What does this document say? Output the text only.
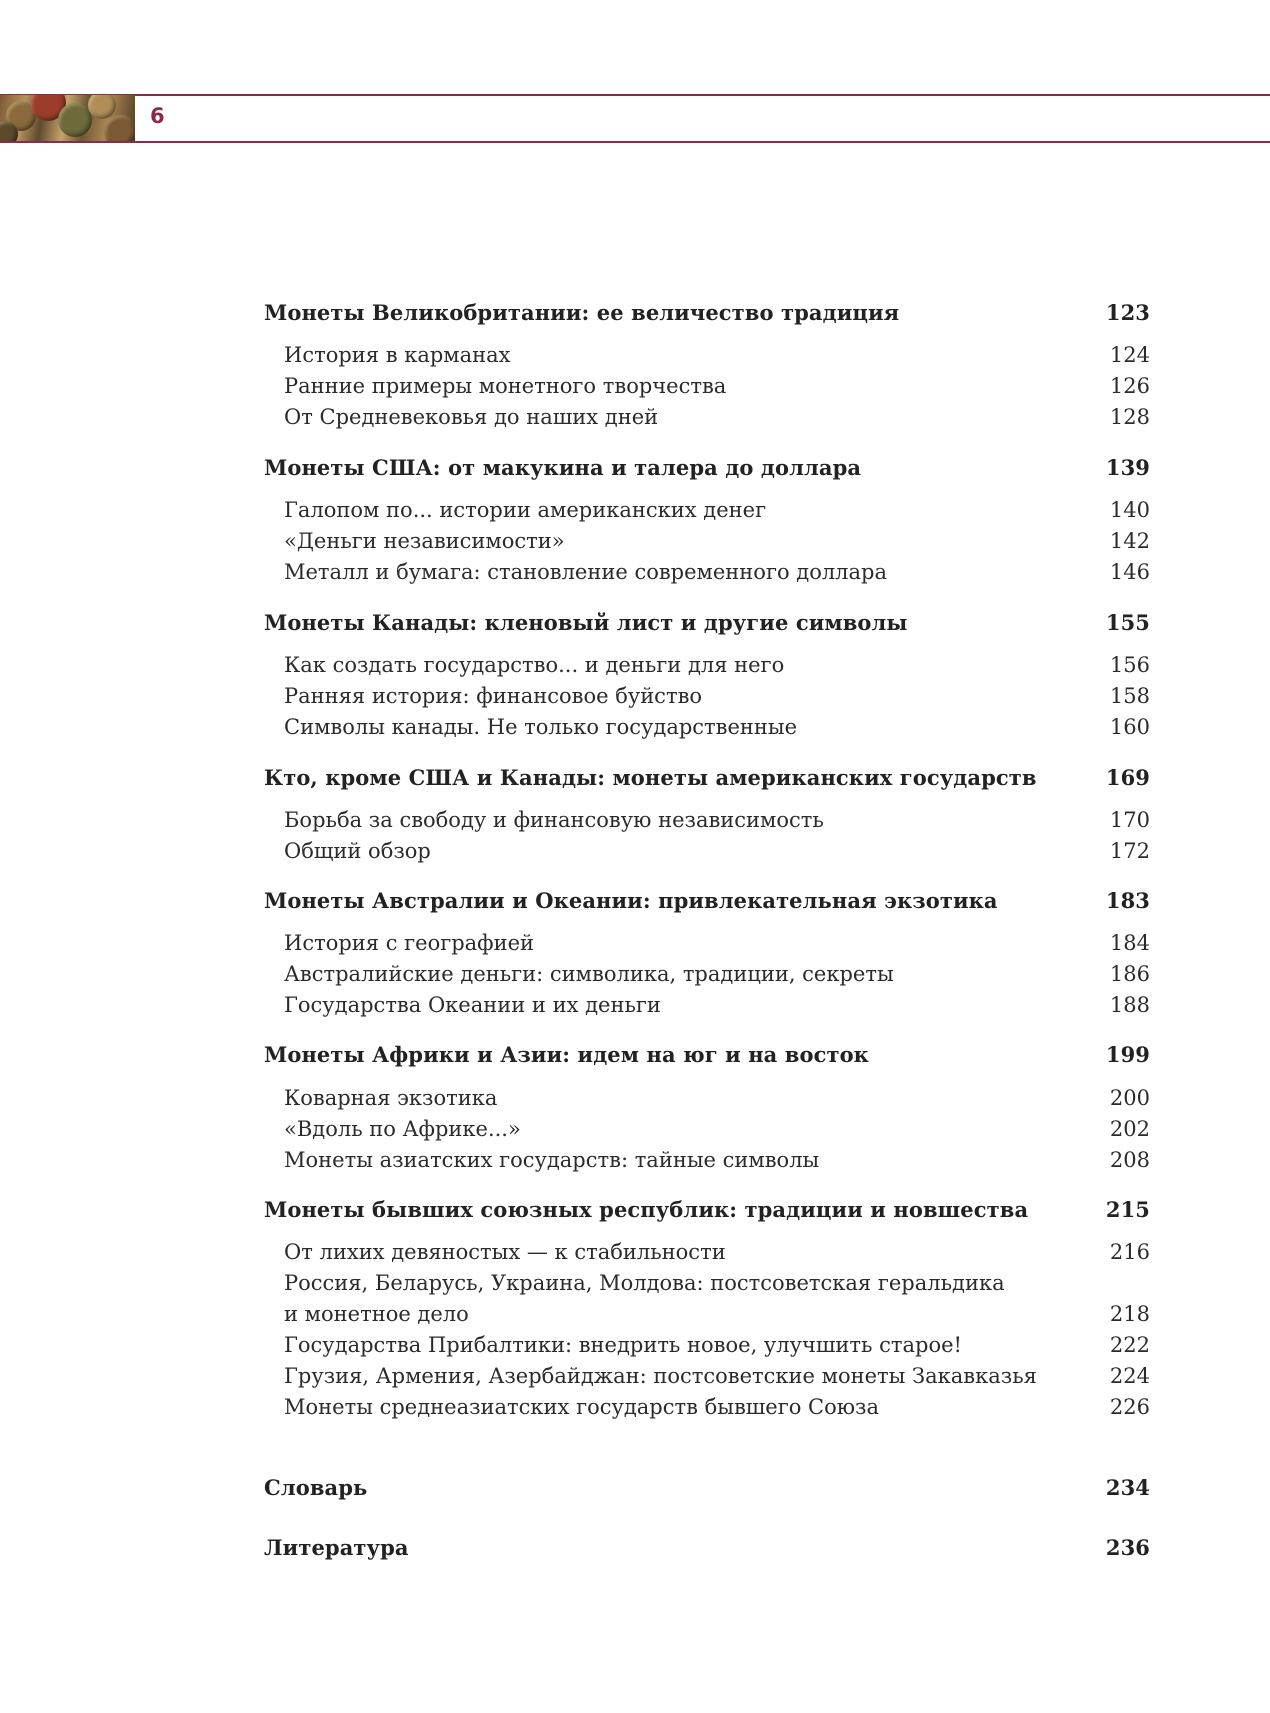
6
Монеты Великобритании: ее величество традиция	123
История в карманах	124
Ранние примеры монетного творчества	126
От Средневековья до наших дней	128
Монеты США: от макукина и талера до доллара	139
Галопом по... истории американских денег	140
«Деньги независимости»	142
Металл и бумага: становление современного доллара	146
Монеты Канады: кленовый лист и другие символы	155
Как создать государство... и деньги для него	156
Ранняя история: финансовое буйство	158
Символы канады. Не только государственные	160
Кто, кроме США и Канады: монеты американских государств	169
Борьба за свободу и финансовую независимость	170
Общий обзор	172
Монеты Австралии и Океании: привлекательная экзотика	183
История с географией	184
Австралийские деньги: символика, традиции, секреты	186
Государства Океании и их деньги	188
Монеты Африки и Азии: идем на юг и на восток	199
Коварная экзотика	200
«Вдоль по Африке...»	202
Монеты азиатских государств: тайные символы	208
Монеты бывших союзных республик: традиции и новшества	215
От лихих девяностых — к стабильности	216
Россия, Беларусь, Украина, Молдова: постсоветская геральдика
и монетное дело	218
Государства Прибалтики: внедрить новое, улучшить старое!	222
Грузия, Армения, Азербайджан: постсоветские монеты Закавказья	224
Монеты среднеазиатских государств бывшего Союза	226
Словарь	234
Литература	236
